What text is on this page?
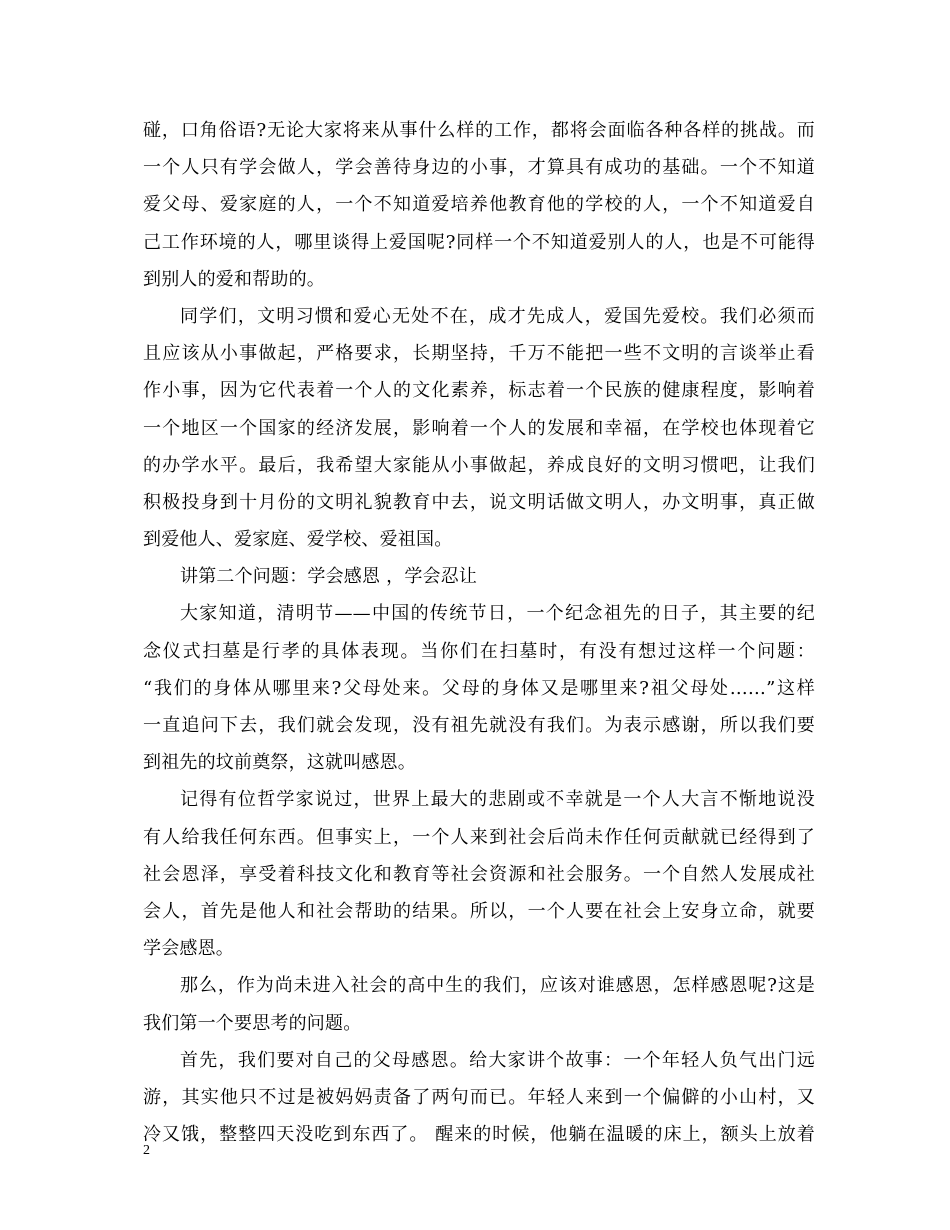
碰，口角俗语?无论大家将来从事什么样的工作，都将会面临各种各样的挑战。而
一个人只有学会做人，学会善待身边的小事，才算具有成功的基础。一个不知道
爱父母、爱家庭的人，一个不知道爱培养他教育他的学校的人，一个不知道爱自
己工作环境的人，哪里谈得上爱国呢?同样一个不知道爱别人的人，也是不可能得
到别人的爱和帮助的。
同学们，文明习惯和爱心无处不在，成才先成人，爱国先爱校。我们必须而
且应该从小事做起，严格要求，长期坚持，千万不能把一些不文明的言谈举止看
作小事，因为它代表着一个人的文化素养，标志着一个民族的健康程度，影响着
一个地区一个国家的经济发展，影响着一个人的发展和幸福，在学校也体现着它
的办学水平。最后，我希望大家能从小事做起，养成良好的文明习惯吧，让我们
积极投身到十月份的文明礼貌教育中去，说文明话做文明人，办文明事，真正做
到爱他人、爱家庭、爱学校、爱祖国。
讲第二个问题：学会感恩 ，学会忍让
大家知道，清明节——中国的传统节日，一个纪念祖先的日子，其主要的纪
念仪式扫墓是行孝的具体表现。当你们在扫墓时，有没有想过这样一个问题：
“我们的身体从哪里来?父母处来。父母的身体又是哪里来?祖父母处……”这样
一直追问下去，我们就会发现，没有祖先就没有我们。为表示感谢，所以我们要
到祖先的坟前奠祭，这就叫感恩。
记得有位哲学家说过，世界上最大的悲剧或不幸就是一个人大言不惭地说没
有人给我任何东西。但事实上，一个人来到社会后尚未作任何贡献就已经得到了
社会恩泽，享受着科技文化和教育等社会资源和社会服务。一个自然人发展成社
会人，首先是他人和社会帮助的结果。所以，一个人要在社会上安身立命，就要
学会感恩。
那么，作为尚未进入社会的高中生的我们，应该对谁感恩，怎样感恩呢?这是
我们第一个要思考的问题。
首先，我们要对自己的父母感恩。给大家讲个故事：一个年轻人负气出门远
游，其实他只不过是被妈妈责备了两句而已。年轻人来到一个偏僻的小山村，又
冷又饿，整整四天没吃到东西了。 醒来的时候，他躺在温暖的床上，额头上放着
2
